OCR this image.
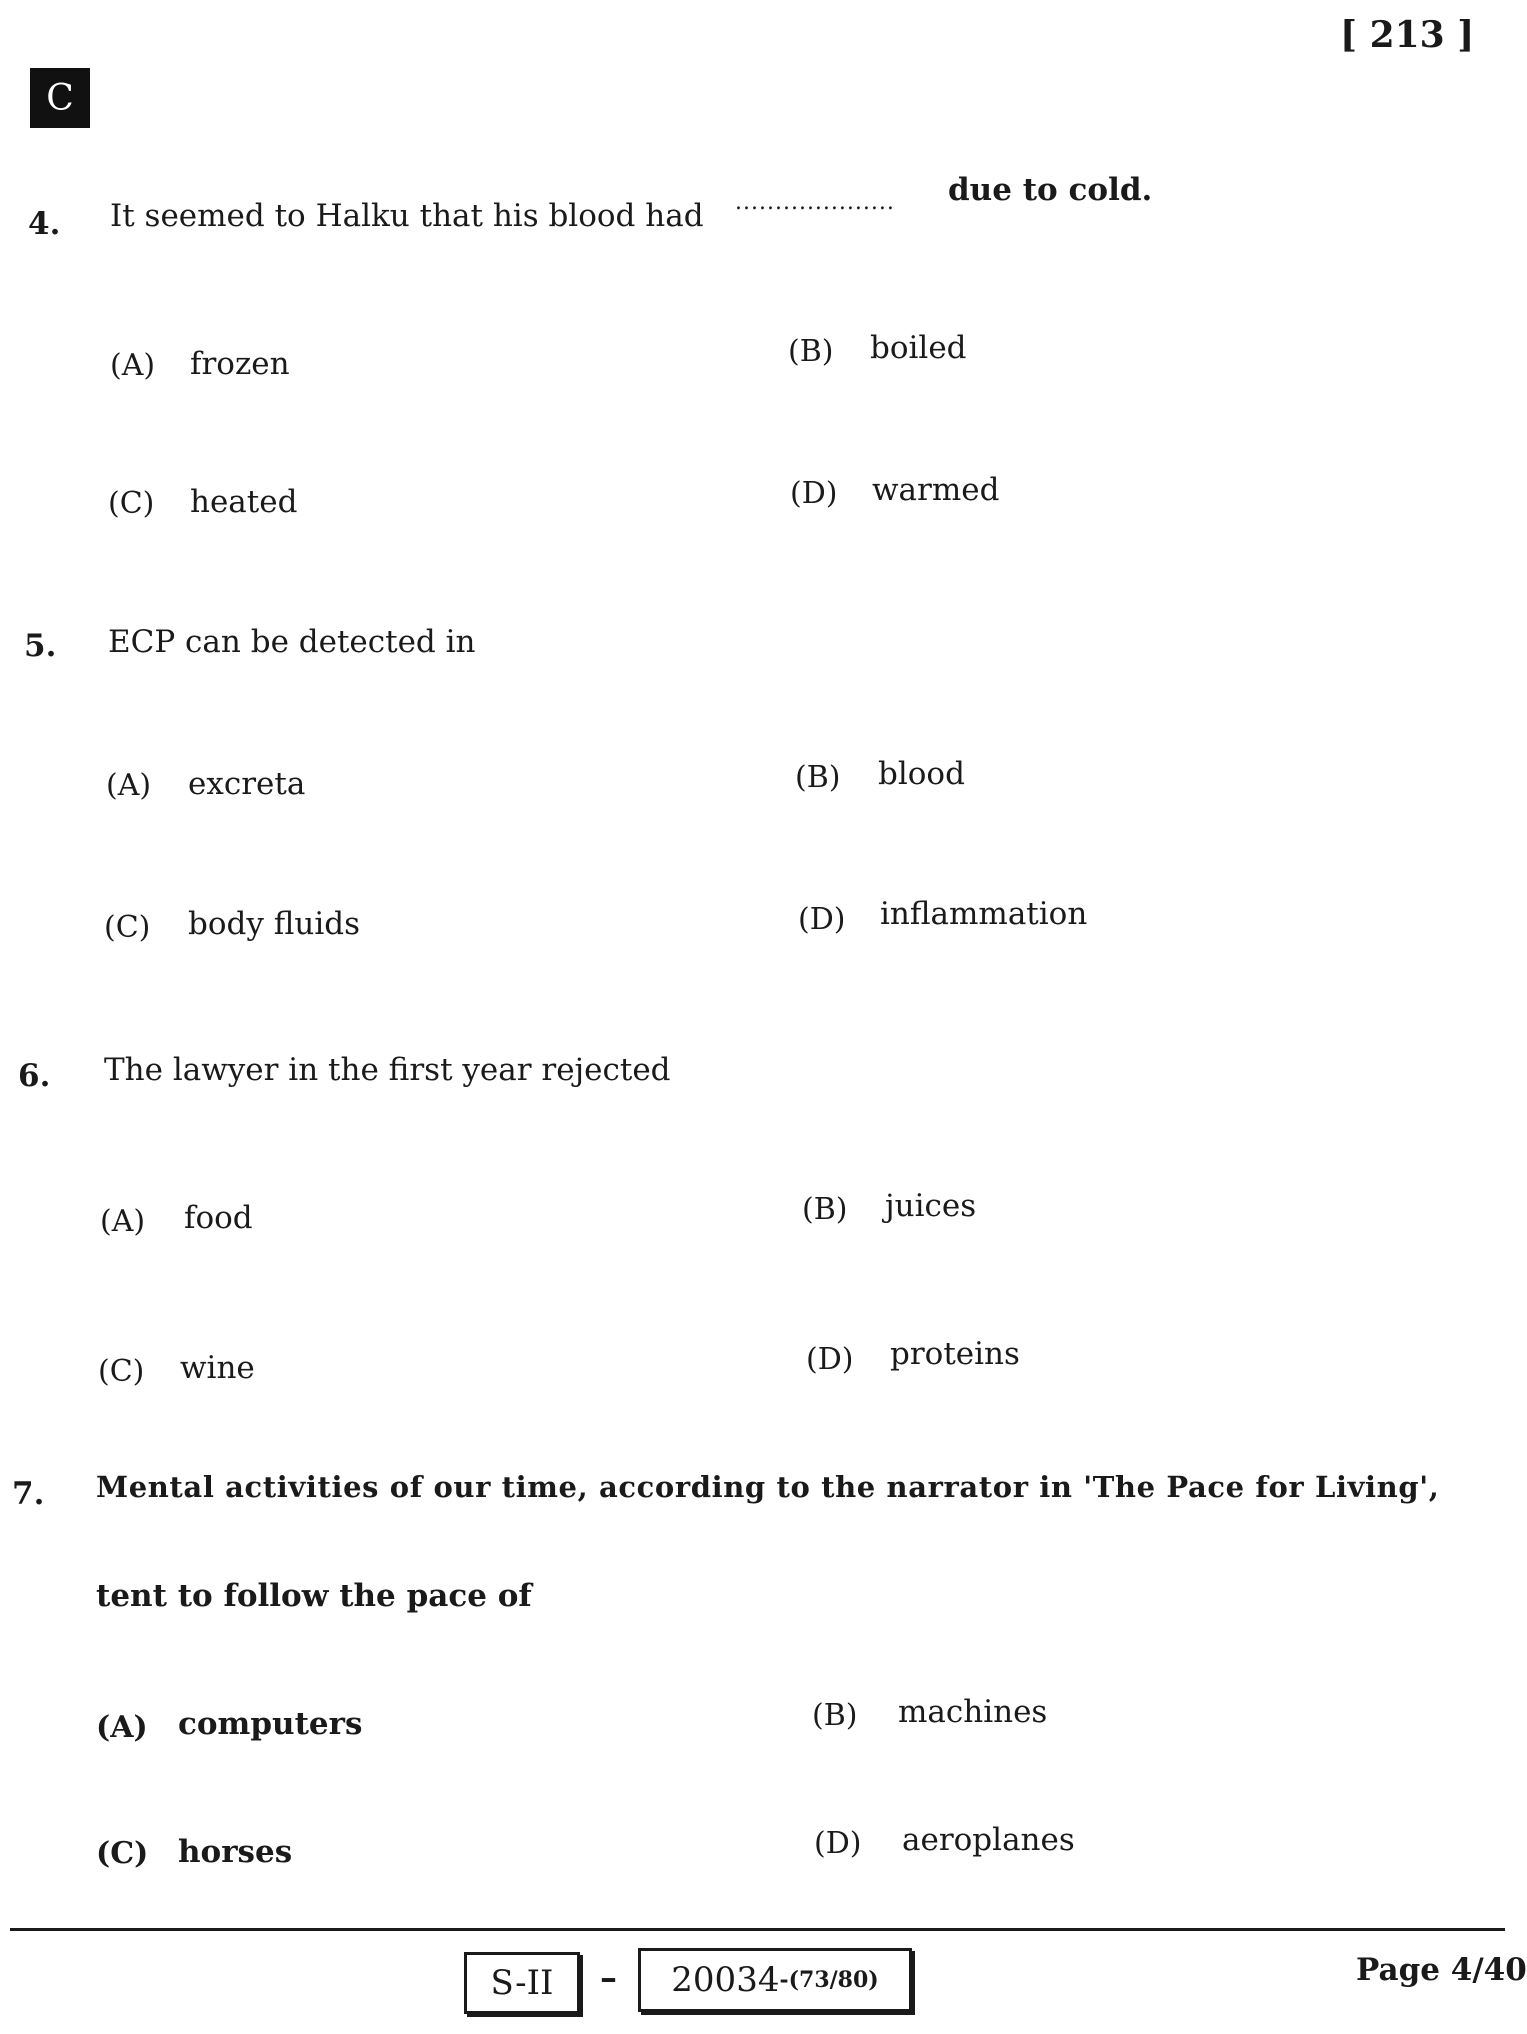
[ 213 ]
C
4. It seemed to Halku that his blood had .................... due to cold.
(A) frozen	(B) boiled
(C) heated	(D) warmed
5. ECP can be detected in
(A) excreta	(B) blood
(C) body fluids	(D) inflammation
6. The lawyer in the first year rejected
(A) food	(B) juices
(C) wine	(D) proteins
7. Mental activities of our time, according to the narrator in 'The Pace for Living',
tent to follow the pace of
(A) computers	(B) machines
(C) horses	(D) aeroplanes
S-II	– 20034 -(73/80)	Page 4/40
